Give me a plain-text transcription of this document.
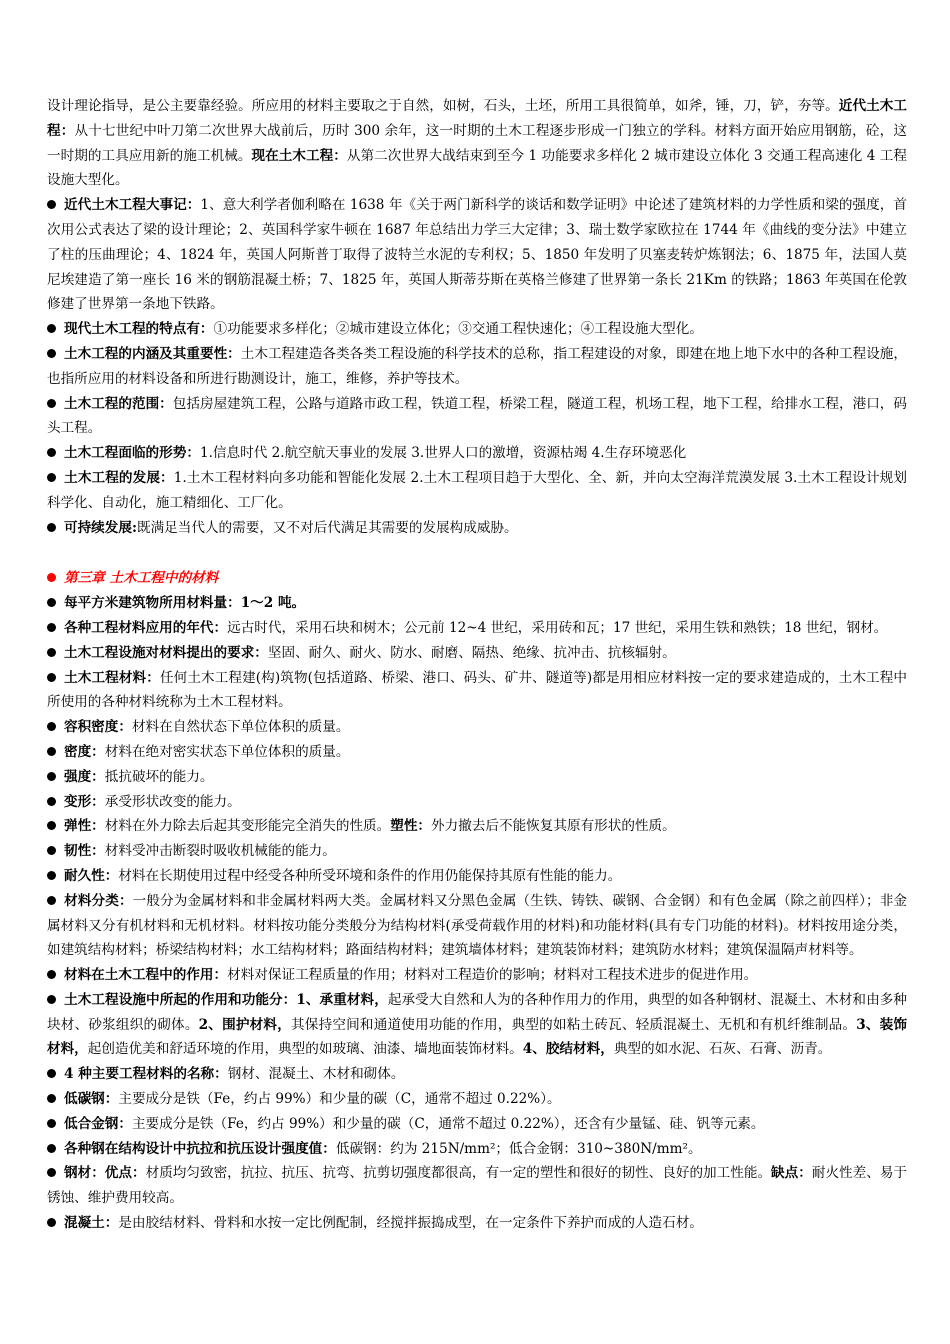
设计理论指导，是公主要靠经验。所应用的材料主要取之于自然，如树，石头，土坯，所用工具很简单，如斧，锤，刀，铲，夯等。近代土木工程：从十七世纪中叶刀第二次世界大战前后，历时 300 余年，这一时期的土木工程逐步形成一门独立的学科。材料方面开始应用钢筋，砼，这一时期的工具应用新的施工机械。现在土木工程：从第二次世界大战结束到至今 1 功能要求多样化 2 城市建设立体化 3 交通工程高速化 4 工程设施大型化。

近代土木工程大事记：1、意大利学者伽利略在 1638 年《关于两门新科学的谈话和数学证明》中论述了建筑材料的力学性质和梁的强度，首次用公式表达了梁的设计理论；2、英国科学家牛顿在 1687 年总结出力学三大定律；3、瑞士数学家欧拉在 1744 年《曲线的变分法》中建立了柱的压曲理论；4、1824 年，英国人阿斯普丁取得了波特兰水泥的专利权；5、1850 年发明了贝塞麦转炉炼钢法；6、1875 年，法国人莫尼埃建造了第一座长 16 米的钢筋混凝土桥；7、1825 年，英国人斯蒂芬斯在英格兰修建了世界第一条长 21Km 的铁路；1863 年英国在伦敦修建了世界第一条地下铁路。

现代土木工程的特点有：①功能要求多样化；②城市建设立体化；③交通工程快速化；④工程设施大型化。

土木工程的内涵及其重要性：土木工程建造各类各类工程设施的科学技术的总称，指工程建设的对象，即建在地上地下水中的各种工程设施，也指所应用的材料设备和所进行勘测设计，施工，维修，养护等技术。

土木工程的范围：包括房屋建筑工程，公路与道路市政工程，铁道工程，桥梁工程，隧道工程，机场工程，地下工程，给排水工程，港口，码头工程。

土木工程面临的形势：1.信息时代 2.航空航天事业的发展 3.世界人口的激增，资源枯竭 4.生存环境恶化

土木工程的发展：1.土木工程材料向多功能和智能化发展 2.土木工程项目趋于大型化、全、新，并向太空海洋荒漠发展 3.土木工程设计规划科学化、自动化，施工精细化、工厂化。

可持续发展:既满足当代人的需要，又不对后代满足其需要的发展构成威胁。

第三章 土木工程中的材料

每平方米建筑物所用材料量：1～2 吨。

各种工程材料应用的年代：远古时代，采用石块和树木；公元前 12~4 世纪，采用砖和瓦；17 世纪，采用生铁和熟铁；18 世纪，钢材。

土木工程设施对材料提出的要求：坚固、耐久、耐火、防水、耐磨、隔热、绝缘、抗冲击、抗核辐射。

土木工程材料：任何土木工程建(构)筑物(包括道路、桥梁、港口、码头、矿井、隧道等)都是用相应材料按一定的要求建造成的，土木工程中所使用的各种材料统称为土木工程材料。

容积密度：材料在自然状态下单位体积的质量。

密度：材料在绝对密实状态下单位体积的质量。

强度：抵抗破坏的能力。

变形：承受形状改变的能力。

弹性：材料在外力除去后起其变形能完全消失的性质。塑性：外力撤去后不能恢复其原有形状的性质。

韧性：材料受冲击断裂时吸收机械能的能力。

耐久性：材料在长期使用过程中经受各种所受环境和条件的作用仍能保持其原有性能的能力。

材料分类：一般分为金属材料和非金属材料两大类。金属材料又分黑色金属（生铁、铸铁、碳钢、合金钢）和有色金属（除之前四样）；非金属材料又分有机材料和无机材料。材料按功能分类般分为结构材料(承受荷载作用的材料)和功能材料(具有专门功能的材料)。材料按用途分类，如建筑结构材料；桥梁结构材料；水工结构材料；路面结构材料；建筑墙体材料；建筑装饰材料；建筑防水材料；建筑保温隔声材料等。

材料在土木工程中的作用：材料对保证工程质量的作用；材料对工程造价的影响；材料对工程技术进步的促进作用。

土木工程设施中所起的作用和功能分：1、承重材料，起承受大自然和人为的各种作用力的作用，典型的如各种钢材、混凝土、木材和由多种块材、砂浆组织的砌体。2、围护材料，其保持空间和通道使用功能的作用，典型的如粘土砖瓦、轻质混凝土、无机和有机纤维制品。3、装饰材料，起创造优美和舒适环境的作用，典型的如玻璃、油漆、墙地面装饰材料。4、胶结材料，典型的如水泥、石灰、石膏、沥青。

4 种主要工程材料的名称：钢材、混凝土、木材和砌体。

低碳钢：主要成分是铁（Fe，约占 99%）和少量的碳（C，通常不超过 0.22%）。

低合金钢：主要成分是铁（Fe，约占 99%）和少量的碳（C，通常不超过 0.22%），还含有少量锰、硅、钒等元素。

各种钢在结构设计中抗拉和抗压设计强度值：低碳钢：约为 215N/mm²；低合金钢：310~380N/mm²。

钢材：优点：材质均匀致密，抗拉、抗压、抗弯、抗剪切强度都很高，有一定的塑性和很好的韧性、良好的加工性能。缺点：耐火性差、易于锈蚀、维护费用较高。

混凝土：是由胶结材料、骨料和水按一定比例配制，经搅拌振捣成型，在一定条件下养护而成的人造石材。
